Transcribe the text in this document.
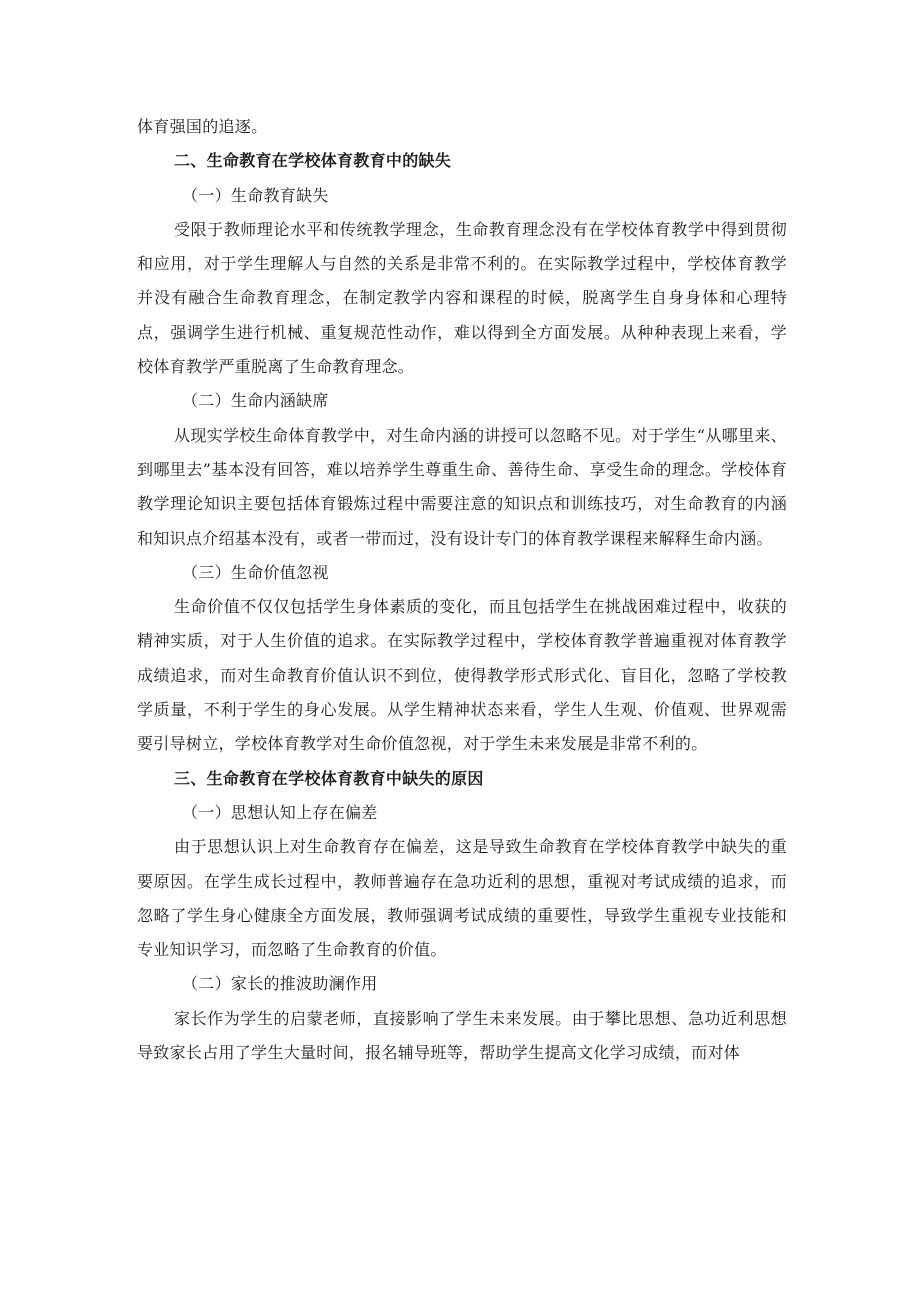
体育强国的追逐。

二、生命教育在学校体育教育中的缺失

（一）生命教育缺失

受限于教师理论水平和传统教学理念，生命教育理念没有在学校体育教学中得到贯彻和应用，对于学生理解人与自然的关系是非常不利的。在实际教学过程中，学校体育教学并没有融合生命教育理念，在制定教学内容和课程的时候，脱离学生自身身体和心理特点，强调学生进行机械、重复规范性动作，难以得到全方面发展。从种种表现上来看，学校体育教学严重脱离了生命教育理念。

（二）生命内涵缺席

从现实学校生命体育教学中，对生命内涵的讲授可以忽略不见。对于学生“从哪里来、到哪里去”基本没有回答，难以培养学生尊重生命、善待生命、享受生命的理念。学校体育教学理论知识主要包括体育锻炼过程中需要注意的知识点和训练技巧，对生命教育的内涵和知识点介绍基本没有，或者一带而过，没有设计专门的体育教学课程来解释生命内涵。

（三）生命价值忽视

生命价值不仅仅包括学生身体素质的变化，而且包括学生在挑战困难过程中，收获的精神实质，对于人生价值的追求。在实际教学过程中，学校体育教学普遍重视对体育教学成绩追求，而对生命教育价值认识不到位，使得教学形式形式化、盲目化，忽略了学校教学质量，不利于学生的身心发展。从学生精神状态来看，学生人生观、价值观、世界观需要引导树立，学校体育教学对生命价值忽视，对于学生未来发展是非常不利的。

三、生命教育在学校体育教育中缺失的原因

（一）思想认知上存在偏差

由于思想认识上对生命教育存在偏差，这是导致生命教育在学校体育教学中缺失的重要原因。在学生成长过程中，教师普遍存在急功近利的思想，重视对考试成绩的追求，而忽略了学生身心健康全方面发展，教师强调考试成绩的重要性，导致学生重视专业技能和专业知识学习，而忽略了生命教育的价值。

（二）家长的推波助澜作用

家长作为学生的启蒙老师，直接影响了学生未来发展。由于攀比思想、急功近利思想导致家长占用了学生大量时间，报名辅导班等，帮助学生提高文化学习成绩，而对体
